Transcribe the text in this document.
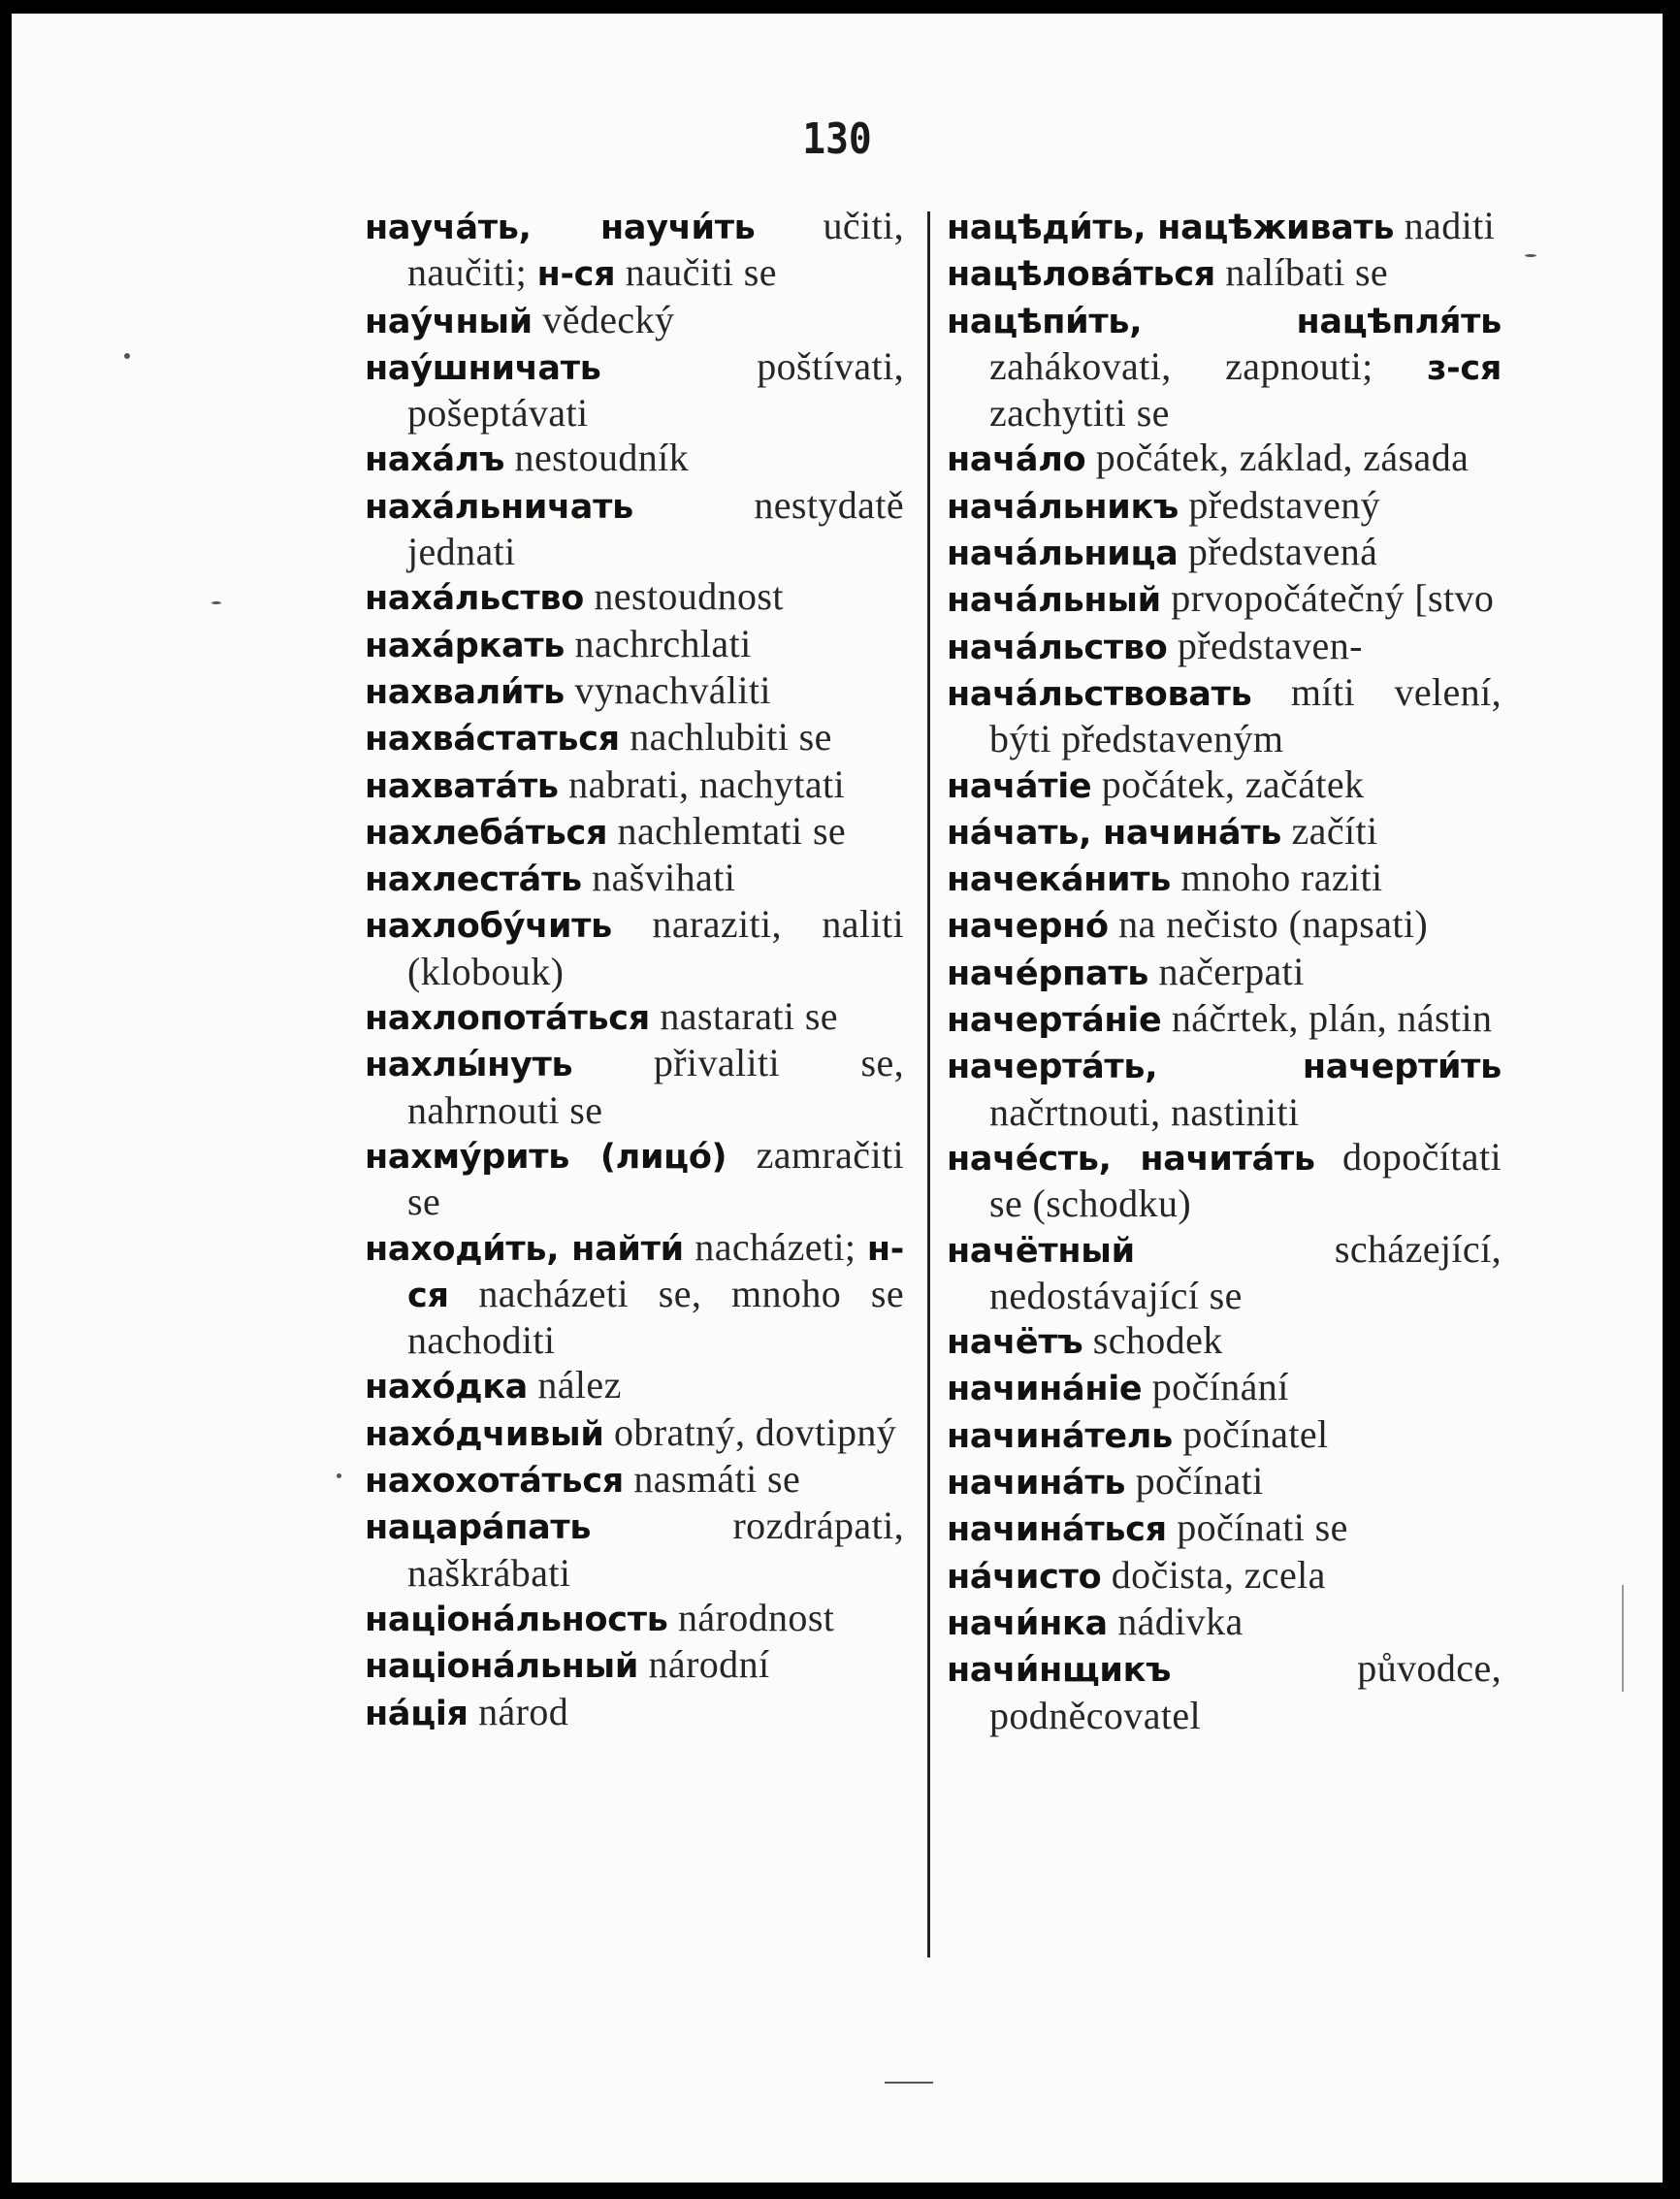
130
научáть, научи́ть učiti, naučiti; н-ся naučiti se
наýчный vědecký
наýшничать poštívati, pošeptávati
нахáлъ nestoudník
нахáльничать nestydatě jednati
нахáльство nestoudnost
нахáркать nachrchlati
нахвали́ть vynachváliti
нахвáстаться nachlubiti se
нахватáть nabrati, nachytati
нахлебáться nachlemtati se
нахлестáть našvihati
нахлобýчить naraziti, naliti (klobouk)
нахлопотáться nastarati se
нахлы́нуть přivaliti se, nahrnouti se
нахмýрить (лицó) zamračiti se
находи́ть, найти́ nacházeti; н-ся nacházeti se, mnoho se nachoditi
нахóдка nález
нахóдчивый obratný, dovtipný
нахохотáться nasmáti se
нацарáпать rozdrápati, naškrábati
націонáльность národnost
націонáльный národní
нáція národ
нацѣди́ть, нацѣживать naditi
нацѣловáться nalíbati se
нацѣпи́ть, нацѣпля́ть zahákovati, zapnouti; з-ся zachytiti se
начáло počátek, základ, zásada
начáльникъ představený
начáльница představená
начáльный prvopočátečný [stvo
начáльство představen-
начáльствовать míti velení, býti představeným
начáтіе počátek, začátek
нáчать, начинáть začíti
начекáнить mnoho raziti
начернó na nečisto (napsati)
начéрпать načerpati
начертáніе náčrtek, plán, nástin
начертáть, начерти́ть načrtnouti, nastiniti
начéсть, начитáть dopočítati se (schodku)
начётный scházející, nedostávající se
начётъ schodek
начинáніе počínání
начинáтель počínatel
начинáть počínati
начинáться počínati se
нáчисто dočista, zcela
начи́нка nádivka
начи́нщикъ původce, podněcovatel
